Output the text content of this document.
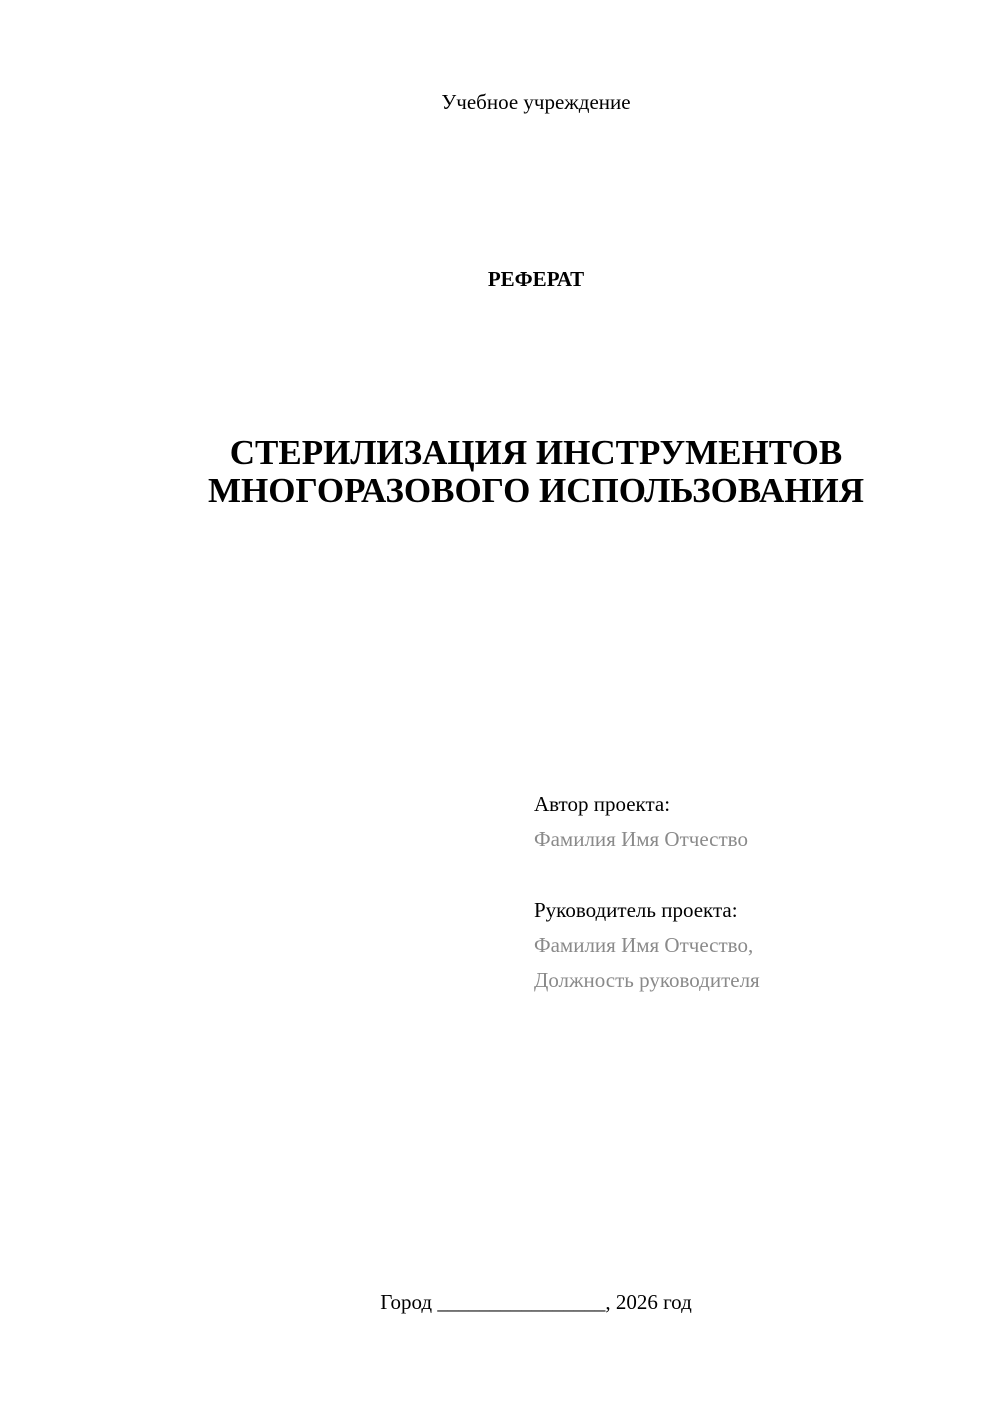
Учебное учреждение
РЕФЕРАТ
СТЕРИЛИЗАЦИЯ ИНСТРУМЕНТОВ
МНОГОРАЗОВОГО ИСПОЛЬЗОВАНИЯ
Автор проекта:
Фамилия Имя Отчество
Руководитель проекта:
Фамилия Имя Отчество,
Должность руководителя
Город ________________, 2026 год
